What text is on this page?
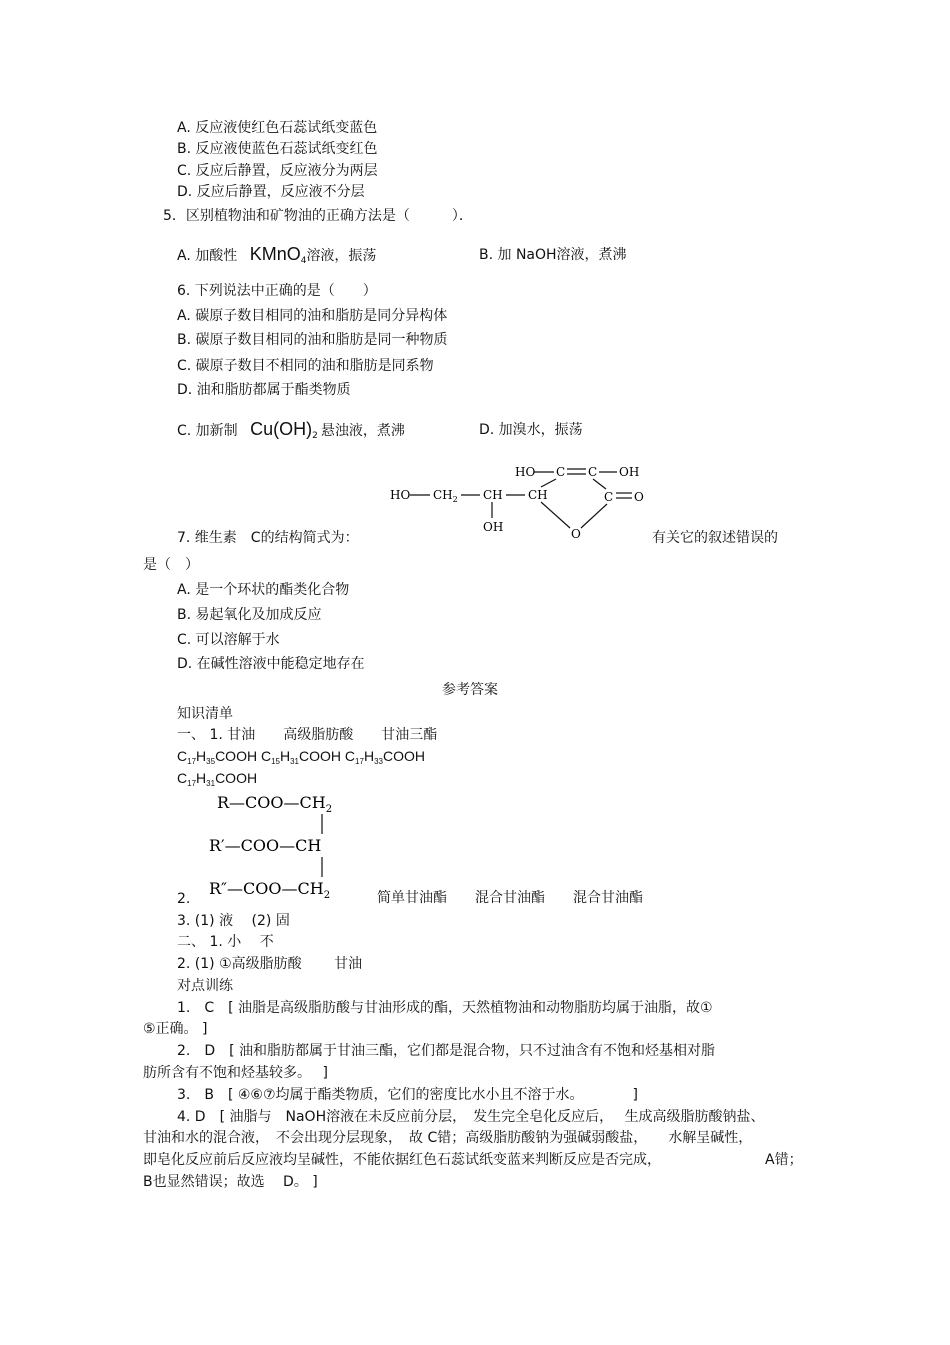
A. 反应液使红色石蕊试纸变蓝色
B. 反应液使蓝色石蕊试纸变红色
C. 反应后静置，反应液分为两层
D. 反应后静置，反应液不分层
5．区别植物油和矿物油的正确方法是（　　　）．
A. 加酸性 KMnO$_4$溶液，振荡	B. 加 NaOH溶液，煮沸
6. 下列说法中正确的是（　　）
A. 碳原子数目相同的油和脂肪是同分异构体
B. 碳原子数目相同的油和脂肪是同一种物质
C. 碳原子数目不相同的油和脂肪是同系物
D. 油和脂肪都属于酯类物质
C. 加新制 $Cu(OH)_2$ 悬浊液，煮沸	D. 加溴水，振荡
HO C C OH
HO $CH_2$ CH CH	C O
OH	O
7. 维生素　C的结构简式为：	有关它的叙述错误的
是（　）
A. 是一个环状的酯类化合物
B. 易起氧化及加成反应
C. 可以溶解于水
D. 在碱性溶液中能稳定地存在
参考答案
知识清单
一、 1. 甘油　　高级脂肪酸　　甘油三酯
$C_{17}H_{35}COOH$ $C_{15}H_{31}COOH$ $C_{17}H_{33}COOH$
$C_{17}H_{31}COOH$
$R—COO—CH_2$
R′—COO—CH
$R''—COO—CH_2$
2.	简单甘油酯　　混合甘油酯　　混合甘油酯
3. (1) 液　 (2) 固
二、 1. 小　 不
2. (1) ①高级脂肪酸　　 甘油
对点训练
1.　C　[ 油脂是高级脂肪酸与甘油形成的酯，天然植物油和动物脂肪均属于油脂，故①
⑤正确。 ]
2.　D　[ 油和脂肪都属于甘油三酯，它们都是混合物，只不过油含有不饱和烃基相对脂
肪所含有不饱和烃基较多。　 ]
3.　B　[ ④⑥⑦均属于酯类物质，它们的密度比水小且不溶于水。　　　　]
4. D　[ 油脂与　NaOH溶液在未反应前分层，　发生完全皂化反应后，　 生成高级脂肪酸钠盐、
甘油和水的混合液，　不会出现分层现象，　故 C错；高级脂肪酸钠为强碱弱酸盐，　　水解呈碱性，
即皂化反应前后反应液均呈碱性，不能依据红色石蕊试纸变蓝来判断反应是否完成，	A错；
B也显然错误；故选　 D。 ]
